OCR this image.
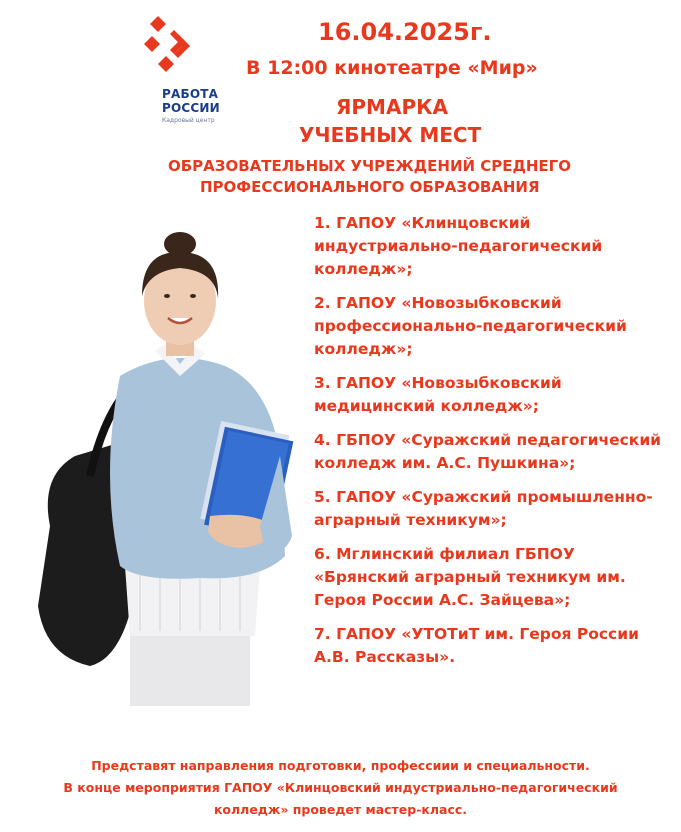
РАБОТА
РОССИИ
Кадровый центр
16.04.2025г.
В 12:00 кинотеатре «Мир»
ЯРМАРКА
УЧЕБНЫХ МЕСТ
ОБРАЗОВАТЕЛЬНЫХ УЧРЕЖДЕНИЙ СРЕДНЕГО
ПРОФЕССИОНАЛЬНОГО ОБРАЗОВАНИЯ
1. ГАПОУ «Клинцовский индустриально-педагогический колледж»;
2. ГАПОУ «Новозыбковский профессионально-педагогический колледж»;
3. ГАПОУ «Новозыбковский медицинский колледж»;
4. ГБПОУ «Суражский педагогический колледж им. А.С. Пушкина»;
5. ГАПОУ «Суражский промышленно-аграрный техникум»;
6. Мглинский филиал ГБПОУ «Брянский аграрный техникум им. Героя России А.С. Зайцева»;
7. ГАПОУ «УТОТиТ им. Героя России А.В. Рассказы».
Представят направления подготовки, профессиии и специальности.
В конце мероприятия ГАПОУ «Клинцовский индустриально-педагогический
колледж» проведет мастер-класс.
